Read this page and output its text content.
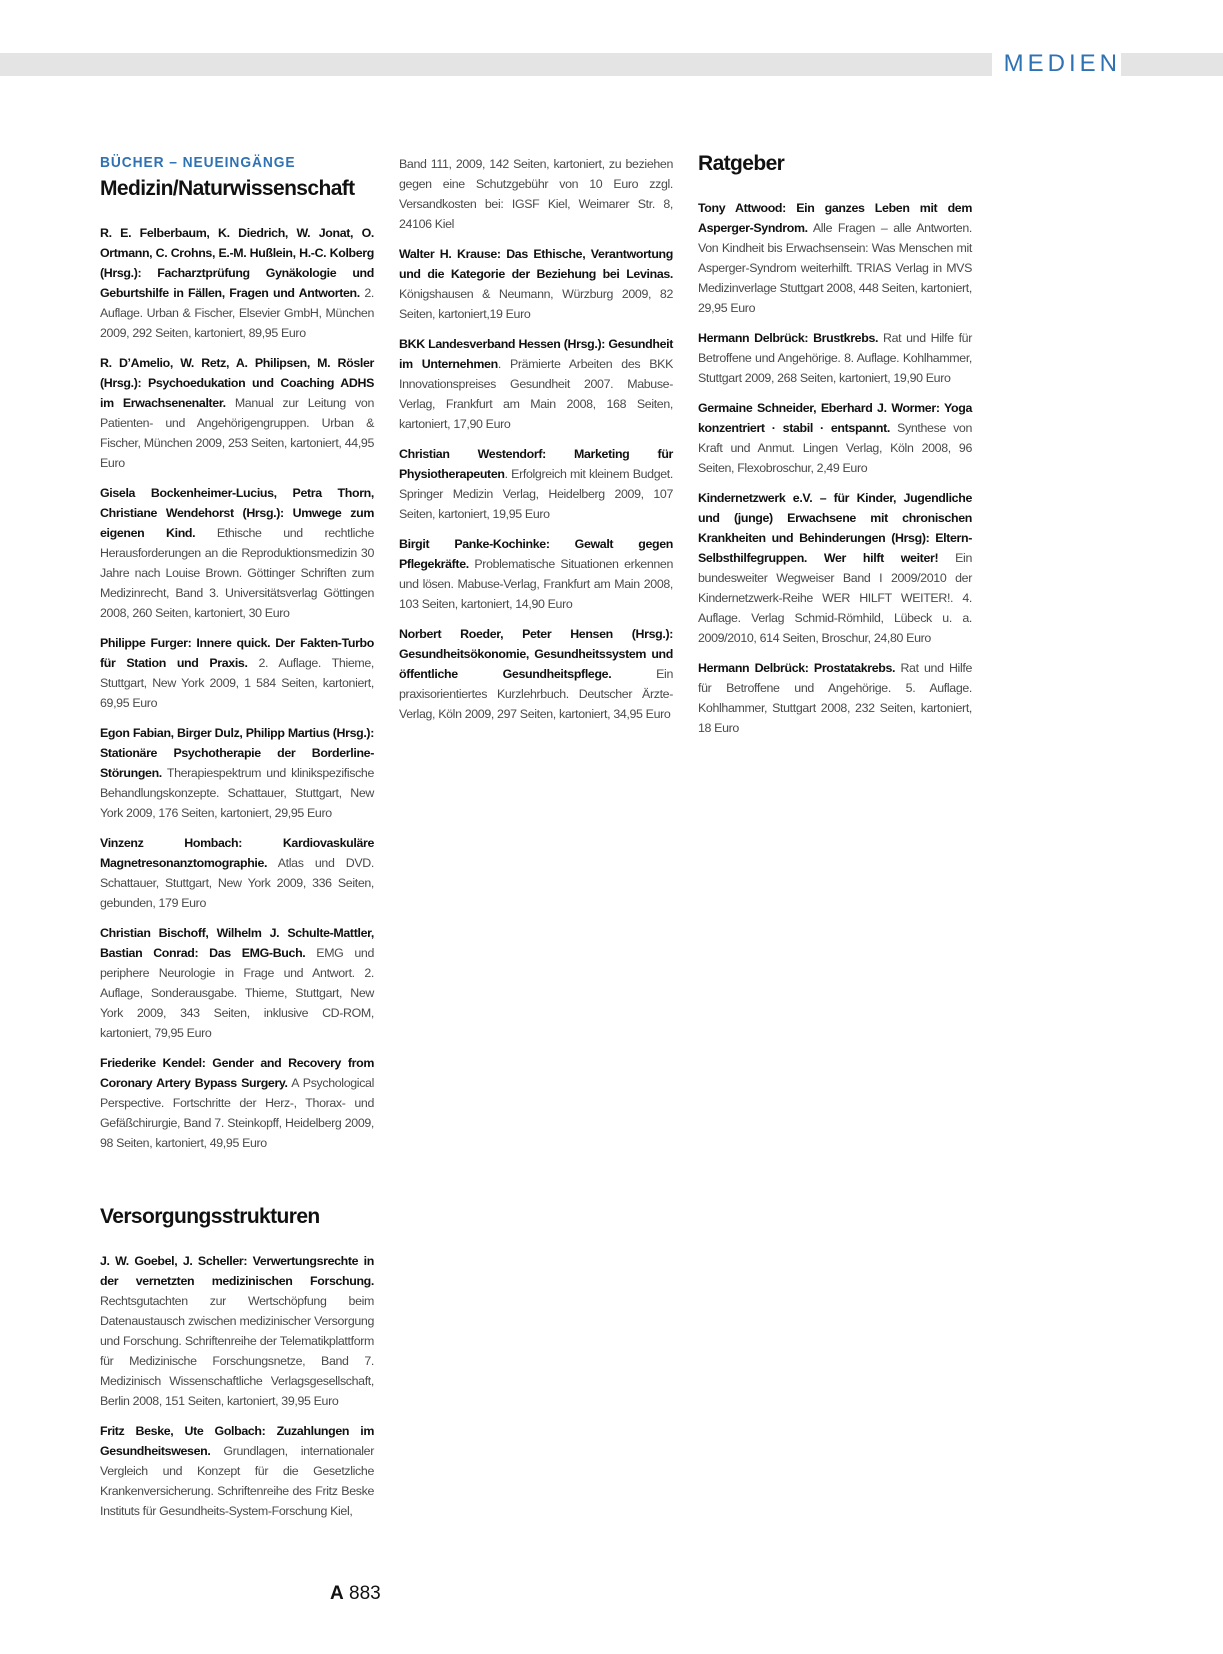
MEDIEN
BÜCHER – NEUEINGÄNGE
Medizin/Naturwissenschaft

R. E. Felberbaum, K. Diedrich, W. Jonat, O. Ortmann, C. Crohns, E.-M. Hußlein, H.-C. Kolberg (Hrsg.): Facharztprüfung Gynäkologie und Geburtshilfe in Fällen, Fragen und Antworten. 2. Auflage. Urban & Fischer, Elsevier GmbH, München 2009, 292 Seiten, kartoniert, 89,95 Euro

R. D’Amelio, W. Retz, A. Philipsen, M. Rösler (Hrsg.): Psychoedukation und Coaching ADHS im Erwachsenenalter. Manual zur Leitung von Patienten- und Angehörigengruppen. Urban & Fischer, München 2009, 253 Seiten, kartoniert, 44,95 Euro

Gisela Bockenheimer-Lucius, Petra Thorn, Christiane Wendehorst (Hrsg.): Umwege zum eigenen Kind. Ethische und rechtliche Herausforderungen an die Reproduktionsmedizin 30 Jahre nach Louise Brown. Göttinger Schriften zum Medizinrecht, Band 3. Universitätsverlag Göttingen 2008, 260 Seiten, kartoniert, 30 Euro

Philippe Furger: Innere quick. Der Fakten-Turbo für Station und Praxis. 2. Auflage. Thieme, Stuttgart, New York 2009, 1 584 Seiten, kartoniert, 69,95 Euro

Egon Fabian, Birger Dulz, Philipp Martius (Hrsg.): Stationäre Psychotherapie der Borderline-Störungen. Therapiespektrum und klinikspezifische Behandlungskonzepte. Schattauer, Stuttgart, New York 2009, 176 Seiten, kartoniert, 29,95 Euro

Vinzenz Hombach: Kardiovaskuläre Magnetresonanztomographie. Atlas und DVD. Schattauer, Stuttgart, New York 2009, 336 Seiten, gebunden, 179 Euro

Christian Bischoff, Wilhelm J. Schulte-Mattler, Bastian Conrad: Das EMG-Buch. EMG und periphere Neurologie in Frage und Antwort. 2. Auflage, Sonderausgabe. Thieme, Stuttgart, New York 2009, 343 Seiten, inklusive CD-ROM, kartoniert, 79,95 Euro

Friederike Kendel: Gender and Recovery from Coronary Artery Bypass Surgery. A Psychological Perspective. Fortschritte der Herz-, Thorax- und Gefäßchirurgie, Band 7. Steinkopff, Heidelberg 2009, 98 Seiten, kartoniert, 49,95 Euro

Versorgungsstrukturen

J. W. Goebel, J. Scheller: Verwertungsrechte in der vernetzten medizinischen Forschung. Rechtsgutachten zur Wertschöpfung beim Datenaustausch zwischen medizinischer Versorgung und Forschung. Schriftenreihe der Telematikplattform für Medizinische Forschungsnetze, Band 7. Medizinisch Wissenschaftliche Verlagsgesellschaft, Berlin 2008, 151 Seiten, kartoniert, 39,95 Euro

Fritz Beske, Ute Golbach: Zuzahlungen im Gesundheitswesen. Grundlagen, internationaler Vergleich und Konzept für die Gesetzliche Krankenversicherung. Schriftenreihe des Fritz Beske Instituts für Gesundheits-System-Forschung Kiel,

Band 111, 2009, 142 Seiten, kartoniert, zu beziehen gegen eine Schutzgebühr von 10 Euro zzgl. Versandkosten bei: IGSF Kiel, Weimarer Str. 8, 24106 Kiel

Walter H. Krause: Das Ethische, Verantwortung und die Kategorie der Beziehung bei Levinas. Königshausen & Neumann, Würzburg 2009, 82 Seiten, kartoniert,19 Euro

BKK Landesverband Hessen (Hrsg.): Gesundheit im Unternehmen. Prämierte Arbeiten des BKK Innovationspreises Gesundheit 2007. Mabuse-Verlag, Frankfurt am Main 2008, 168 Seiten, kartoniert, 17,90 Euro

Christian Westendorf: Marketing für Physiotherapeuten. Erfolgreich mit kleinem Budget. Springer Medizin Verlag, Heidelberg 2009, 107 Seiten, kartoniert, 19,95 Euro

Birgit Panke-Kochinke: Gewalt gegen Pflegekräfte. Problematische Situationen erkennen und lösen. Mabuse-Verlag, Frankfurt am Main 2008, 103 Seiten, kartoniert, 14,90 Euro

Norbert Roeder, Peter Hensen (Hrsg.): Gesundheitsökonomie, Gesundheitssystem und öffentliche Gesundheitspflege. Ein praxisorientiertes Kurzlehrbuch. Deutscher Ärzte-Verlag, Köln 2009, 297 Seiten, kartoniert, 34,95 Euro

Ratgeber

Tony Attwood: Ein ganzes Leben mit dem Asperger-Syndrom. Alle Fragen – alle Antworten. Von Kindheit bis Erwachsensein: Was Menschen mit Asperger-Syndrom weiterhilft. TRIAS Verlag in MVS Medizinverlage Stuttgart 2008, 448 Seiten, kartoniert, 29,95 Euro

Hermann Delbrück: Brustkrebs. Rat und Hilfe für Betroffene und Angehörige. 8. Auflage. Kohlhammer, Stuttgart 2009, 268 Seiten, kartoniert, 19,90 Euro

Germaine Schneider, Eberhard J. Wormer: Yoga konzentriert · stabil · entspannt. Synthese von Kraft und Anmut. Lingen Verlag, Köln 2008, 96 Seiten, Flexobroschur, 2,49 Euro

Kindernetzwerk e.V. – für Kinder, Jugendliche und (junge) Erwachsene mit chronischen Krankheiten und Behinderungen (Hrsg): Eltern-Selbsthilfegruppen. Wer hilft weiter! Ein bundesweiter Wegweiser Band I 2009/2010 der Kindernetzwerk-Reihe WER HILFT WEITER!. 4. Auflage. Verlag Schmid-Römhild, Lübeck u. a. 2009/2010, 614 Seiten, Broschur, 24,80 Euro

Hermann Delbrück: Prostatakrebs. Rat und Hilfe für Betroffene und Angehörige. 5. Auflage. Kohlhammer, Stuttgart 2008, 232 Seiten, kartoniert, 18 Euro

A 883
